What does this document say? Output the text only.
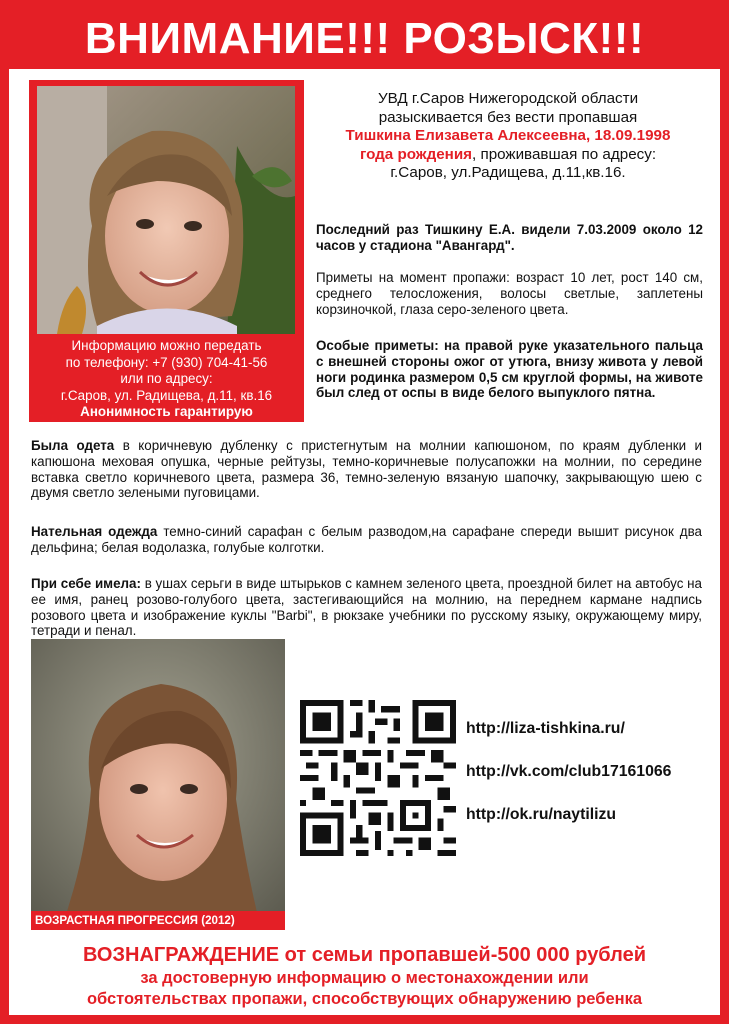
ВНИМАНИЕ!!! РОЗЫСК!!!
Информацию можно передать
по телефону: +7 (930) 704-41-56
или по адресу:
г.Саров, ул. Радищева, д.11, кв.16
Анонимность гарантирую
УВД г.Саров Нижегородской области
разыскивается без вести пропавшая
Тишкина Елизавета Алексеевна, 18.09.1998
года рождения, проживавшая по адресу:
г.Саров, ул.Радищева, д.11,кв.16.
Последний раз Тишкину Е.А. видели 7.03.2009 около 12 часов у стадиона "Авангард".
Приметы на момент пропажи: возраст 10 лет, рост 140 см, среднего телосложения, волосы светлые, заплетены корзиночкой, глаза серо-зеленого цвета.
Особые приметы: на правой руке указательного пальца с внешней стороны ожог от утюга, внизу живота у левой ноги родинка размером 0,5 см круглой формы, на животе был след от оспы в виде белого выпуклого пятна.
Была одета в коричневую дубленку с пристегнутым на молнии капюшоном, по краям дубленки и капюшона меховая опушка, черные рейтузы, темно-коричневые полусапожки на молнии, по середине вставка светло коричневого цвета, размера 36, темно-зеленую вязаную шапочку, закрывающую шею с двумя светло зелеными пуговицами.
Нательная одежда темно-синий сарафан с белым разводом,на сарафане спереди вышит рисунок два дельфина; белая водолазка, голубые колготки.
При себе имела: в ушах серьги в виде штырьков с камнем зеленого цвета, проездной билет на автобус на ее имя, ранец розово-голубого цвета, застегивающийся на молнию, на переднем кармане надпись розового цвета и изображение куклы "Barbi", в рюкзаке учебники по русскому языку, окружающему миру, тетради и пенал.
ВОЗРАСТНАЯ ПРОГРЕССИЯ (2012)
http://liza-tishkina.ru/
http://vk.com/club17161066
http://ok.ru/naytilizu
ВОЗНАГРАЖДЕНИЕ от семьи пропавшей-500 000 рублей
за достоверную информацию о местонахождении или
обстоятельствах пропажи, способствующих обнаружению ребенка
